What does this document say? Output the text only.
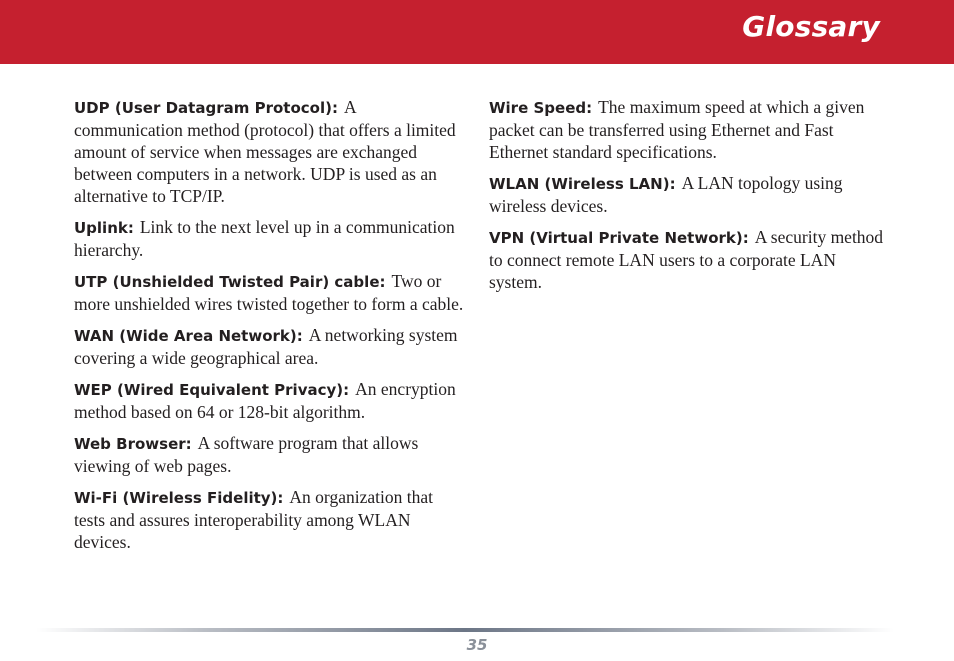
Glossary

UDP (User Datagram Protocol): A communication method (protocol) that offers a limited amount of service when messages are exchanged between computers in a network. UDP is used as an alternative to TCP/IP.

Uplink: Link to the next level up in a communication hierarchy.

UTP (Unshielded Twisted Pair) cable: Two or more unshielded wires twisted together to form a cable.

WAN (Wide Area Network): A networking system covering a wide geographical area.

WEP (Wired Equivalent Privacy): An encryption method based on 64 or 128-bit algorithm.

Web Browser: A software program that allows viewing of web pages.

Wi-Fi (Wireless Fidelity): An organization that tests and assures interoperability among WLAN devices.

Wire Speed: The maximum speed at which a given packet can be transferred using Ethernet and Fast Ethernet standard specifications.

WLAN (Wireless LAN): A LAN topology using wireless devices.

VPN (Virtual Private Network): A security method to connect remote LAN users to a corporate LAN system.

35
